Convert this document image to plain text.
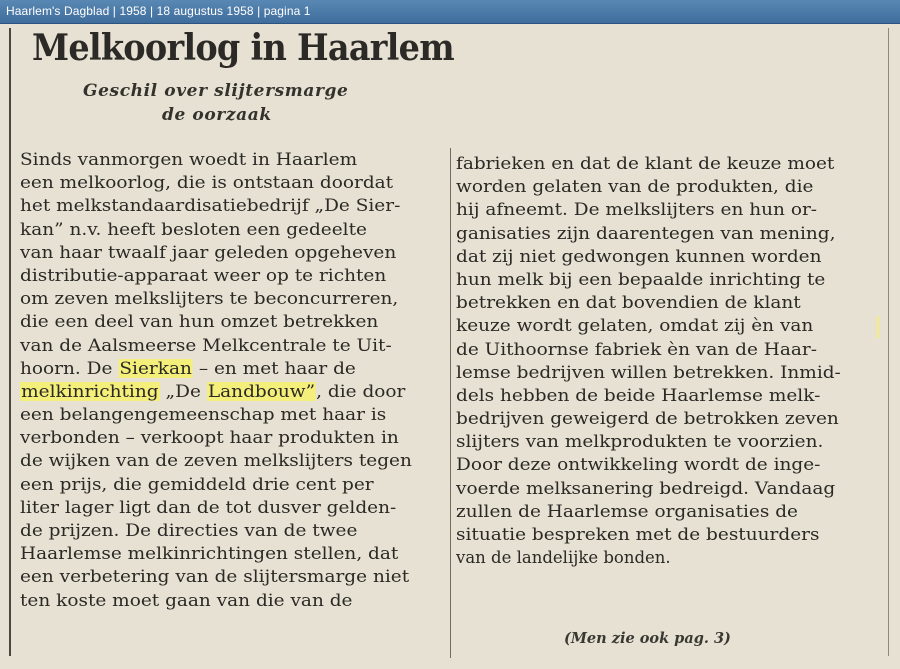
Haarlem's Dagblad | 1958 | 18 augustus 1958 | pagina 1
Melkoorlog in Haarlem
Geschil over slijtersmarge
de oorzaak
Sinds vanmorgen woedt in Haarlem
een melkoorlog, die is ontstaan doordat
het melkstandaardisatiebedrijf „De Sier-
kan” n.v. heeft besloten een gedeelte
van haar twaalf jaar geleden opgeheven
distributie-apparaat weer op te richten
om zeven melkslijters te beconcurreren,
die een deel van hun omzet betrekken
van de Aalsmeerse Melkcentrale te Uit-
hoorn. De Sierkan – en met haar de
melkinrichting „De Landbouw”, die door
een belangengemeenschap met haar is
verbonden – verkoopt haar produkten in
de wijken van de zeven melkslijters tegen
een prijs, die gemiddeld drie cent per
liter lager ligt dan de tot dusver gelden-
de prijzen. De directies van de twee
Haarlemse melkinrichtingen stellen, dat
een verbetering van de slijtersmarge niet
ten koste moet gaan van die van de
fabrieken en dat de klant de keuze moet
worden gelaten van de produkten, die
hij afneemt. De melkslijters en hun or-
ganisaties zijn daarentegen van mening,
dat zij niet gedwongen kunnen worden
hun melk bij een bepaalde inrichting te
betrekken en dat bovendien de klant
keuze wordt gelaten, omdat zij èn van
de Uithoornse fabriek èn van de Haar-
lemse bedrijven willen betrekken. Inmid-
dels hebben de beide Haarlemse melk-
bedrijven geweigerd de betrokken zeven
slijters van melkprodukten te voorzien.
Door deze ontwikkeling wordt de inge-
voerde melksanering bedreigd. Vandaag
zullen de Haarlemse organisaties de
situatie bespreken met de bestuurders
van de landelijke bonden.
(Men zie ook pag. 3)
